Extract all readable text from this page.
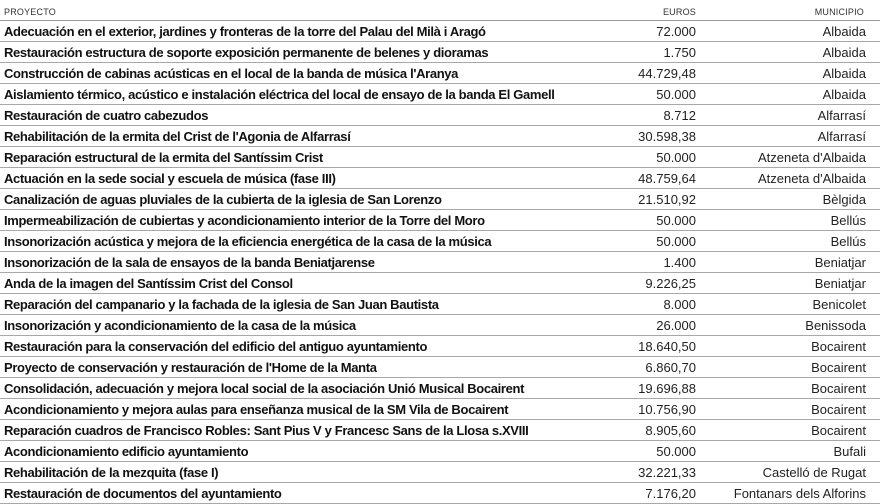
PROYECTO	EUROS	MUNICIPIO
Adecuación en el exterior, jardines y fronteras de la torre del Palau del Milà i Aragó	72.000	Albaida
Restauración estructura de soporte exposición permanente de belenes y dioramas	1.750	Albaida
Construcción de cabinas acústicas en el local de la banda de música l'Aranya	44.729,48	Albaida
Aislamiento térmico, acústico e instalación eléctrica del local de ensayo de la banda El Gamell	50.000	Albaida
Restauración de cuatro cabezudos	8.712	Alfarrasí
Rehabilitación de la ermita del Crist de l'Agonia de Alfarrasí	30.598,38	Alfarrasí
Reparación estructural de la ermita del Santíssim Crist	50.000	Atzeneta d'Albaida
Actuación en la sede social y escuela de música (fase III)	48.759,64	Atzeneta d'Albaida
Canalización de aguas pluviales de la cubierta de la iglesia de San Lorenzo	21.510,92	Bèlgida
Impermeabilización de cubiertas y acondicionamiento interior de la Torre del Moro	50.000	Bellús
Insonorización acústica y mejora de la eficiencia energética de la casa de la música	50.000	Bellús
Insonorización de la sala de ensayos de la banda Beniatjarense	1.400	Beniatjar
Anda de la imagen del Santíssim Crist del Consol	9.226,25	Beniatjar
Reparación del campanario y la fachada de la iglesia de San Juan Bautista	8.000	Benicolet
Insonorización y acondicionamiento de la casa de la música	26.000	Benissoda
Restauración para la conservación del edificio del antiguo ayuntamiento	18.640,50	Bocairent
Proyecto de conservación y restauración de l'Home de la Manta	6.860,70	Bocairent
Consolidación, adecuación y mejora local social de la asociación Unió Musical Bocairent	19.696,88	Bocairent
Acondicionamiento y mejora aulas para enseñanza musical de la SM Vila de Bocairent	10.756,90	Bocairent
Reparación cuadros de Francisco Robles: Sant Pius V y Francesc Sans de la Llosa s.XVIII	8.905,60	Bocairent
Acondicionamiento edificio ayuntamiento	50.000	Bufali
Rehabilitación de la mezquita (fase I)	32.221,33	Castelló de Rugat
Restauración de documentos del ayuntamiento	7.176,20	Fontanars dels Alforins
